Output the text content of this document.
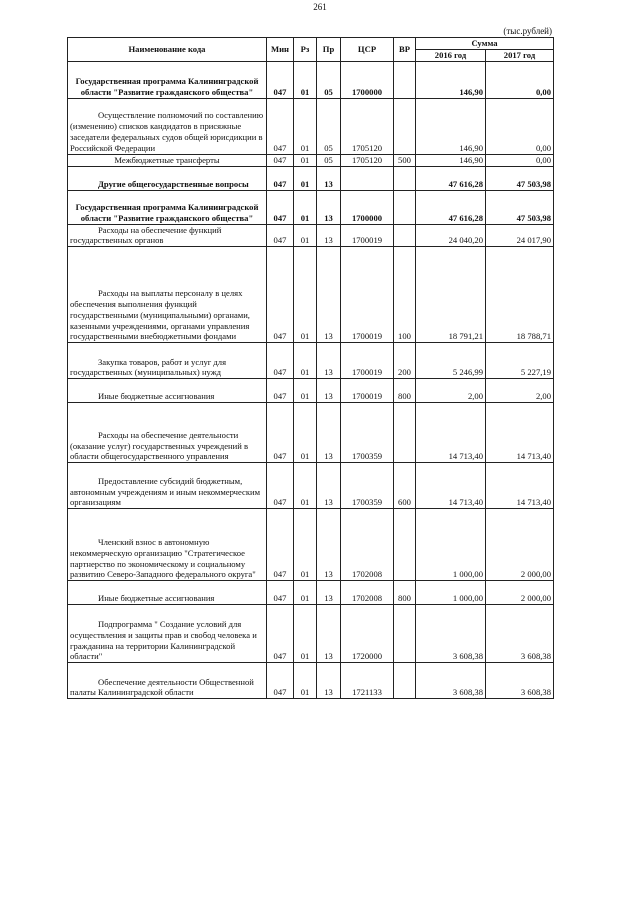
261
(тыс.рублей)
Наименование кода	Мин	Рз	Пр	ЦСР	ВР	Сумма	
						2016 год	2017 год
Государственная программа Калининградской области "Развитие гражданского общества"	047	01	05	1700000		146,90	0,00
Осуществление полномочий по составлению (изменению) списков кандидатов в присяжные заседатели федеральных судов общей юрисдикции в Российской Федерации	047	01	05	1705120		146,90	0,00
Межбюджетные трансферты	047	01	05	1705120	500	146,90	0,00
Другие общегосударственные вопросы	047	01	13			47 616,28	47 503,98
Государственная программа Калининградской области "Развитие гражданского общества"	047	01	13	1700000		47 616,28	47 503,98
Расходы на обеспечение функций государственных органов	047	01	13	1700019		24 040,20	24 017,90
Расходы на выплаты персоналу в целях обеспечения выполнения функций государственными (муниципальными) органами, казенными учреждениями, органами управления государственными внебюджетными фондами	047	01	13	1700019	100	18 791,21	18 788,71
Закупка товаров, работ и услуг для государственных (муниципальных) нужд	047	01	13	1700019	200	5 246,99	5 227,19
Иные бюджетные ассигнования	047	01	13	1700019	800	2,00	2,00
Расходы на обеспечение деятельности (оказание услуг) государственных учреждений в области общегосударственного управления	047	01	13	1700359		14 713,40	14 713,40
Предоставление субсидий бюджетным, автономным учреждениям и иным некоммерческим организациям	047	01	13	1700359	600	14 713,40	14 713,40
Членский взнос в автономную некоммерческую организацию "Стратегическое партнерство по экономическому и социальному развитию Северо-Западного федерального округа"	047	01	13	1702008		1 000,00	2 000,00
Иные бюджетные ассигнования	047	01	13	1702008	800	1 000,00	2 000,00
Подпрограмма " Создание условий для осуществления и защиты прав и свобод человека и гражданина на территории Калининградской области"	047	01	13	1720000		3 608,38	3 608,38
Обеспечение деятельности Общественной палаты Калининградской области	047	01	13	1721133		3 608,38	3 608,38
